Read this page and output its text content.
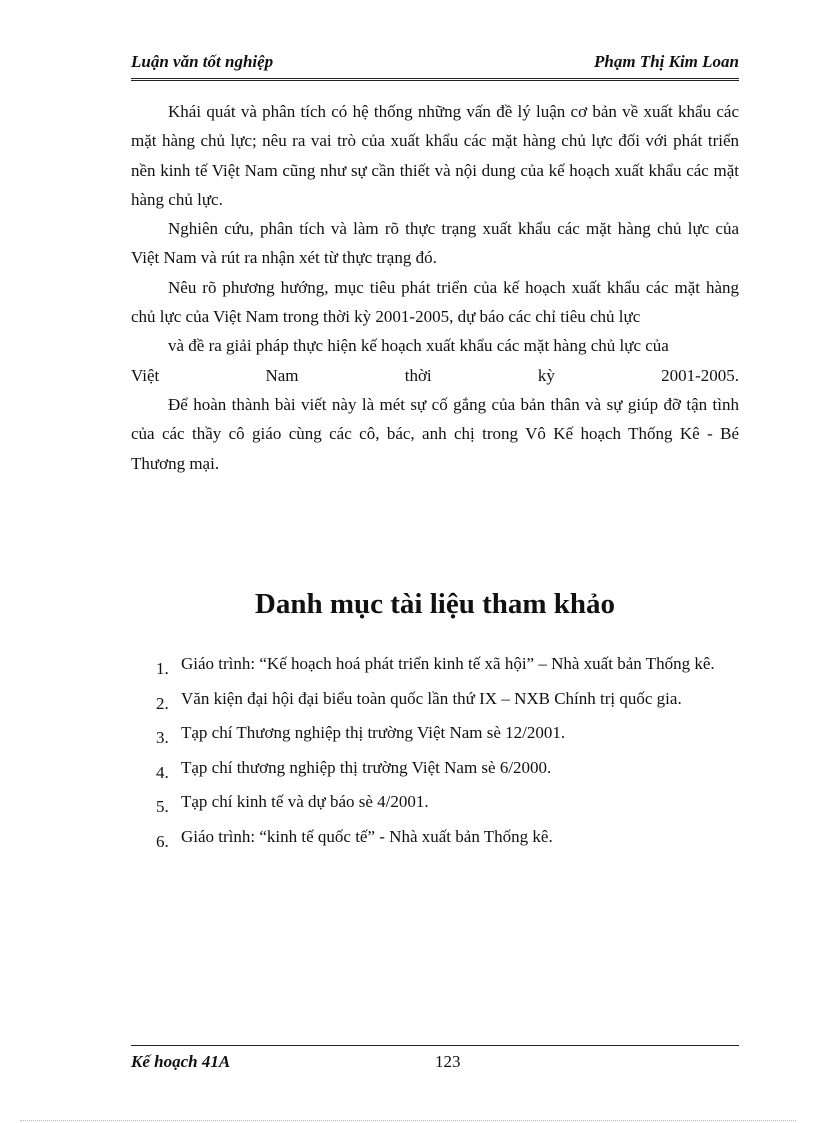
Luận văn tốt nghiệp	Phạm Thị Kim Loan

Khái quát và phân tích có hệ thống những vấn đề lý luận cơ bản về xuất khẩu các mặt hàng chủ lực; nêu ra vai trò của xuất khẩu các mặt hàng chủ lực đối với phát triển nền kinh tế Việt Nam cũng như sự cần thiết và nội dung của kế hoạch xuất khẩu các mặt hàng chủ lực.

Nghiên cứu, phân tích và làm rõ thực trạng xuất khẩu các mặt hàng chủ lực của Việt Nam và rút ra nhận xét từ thực trạng đó.

Nêu rõ phương hướng, mục tiêu phát triển của kế hoạch xuất khẩu các mặt hàng chủ lực của Việt Nam trong thời kỳ 2001-2005, dự báo các chỉ tiêu chủ lực

và đề ra giải pháp thực hiện kế hoạch xuất khẩu các mặt hàng chủ lực của

Việt Nam thời kỳ 2001-2005.

Để hoàn thành bài viết này là mét sự cố gắng của bản thân và sự giúp đỡ tận tình của các thầy cô giáo cùng các cô, bác, anh chị trong Vô Kế hoạch Thống Kê - Bé Thương mại.

Danh mục tài liệu tham khảo
1. Giáo trình: “Kế hoạch hoá phát triển kinh tế xã hội” – Nhà xuất bản Thống kê.
2. Văn kiện đại hội đại biểu toàn quốc lần thứ IX – NXB Chính trị quốc gia.
3. Tạp chí Thương nghiệp thị trường Việt Nam sè 12/2001.
4. Tạp chí thương nghiệp thị trường Việt Nam sè 6/2000.
5. Tạp chí kinh tế và dự báo sè 4/2001.
6. Giáo trình: “kinh tế quốc tế” - Nhà xuất bản Thống kê.
Kế hoạch 41A	123
